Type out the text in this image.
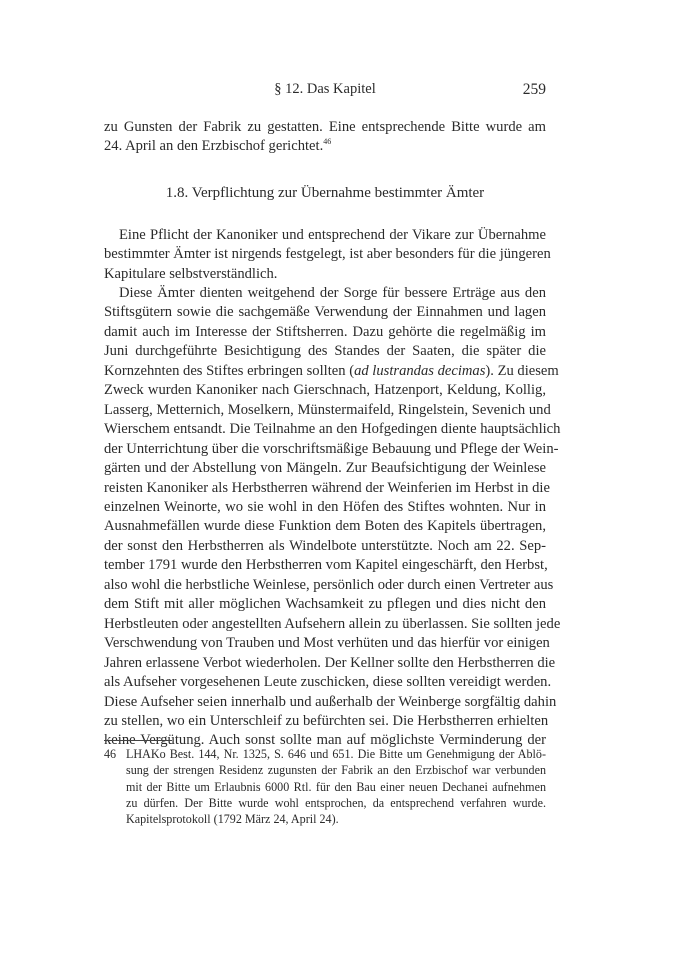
§ 12. Das Kapitel	259
zu Gunsten der Fabrik zu gestatten. Eine entsprechende Bitte wurde am
24. April an den Erzbischof gerichtet.$^{46}$
1.8. Verpflichtung zur Übernahme bestimmter Ämter
Eine Pflicht der Kanoniker und entsprechend der Vikare zur Übernahme
bestimmter Ämter ist nirgends festgelegt, ist aber besonders für die jüngeren
Kapitulare selbstverständlich.
Diese Ämter dienten weitgehend der Sorge für bessere Erträge aus den
Stiftsgütern sowie die sachgemäße Verwendung der Einnahmen und lagen
damit auch im Interesse der Stiftsherren. Dazu gehörte die regelmäßig im
Juni durchgeführte Besichtigung des Standes der Saaten, die später die
Kornzehnten des Stiftes erbringen sollten (ad lustrandas decimas). Zu diesem
Zweck wurden Kanoniker nach Gierschnach, Hatzenport, Keldung, Kollig,
Lasserg, Metternich, Moselkern, Münstermaifeld, Ringelstein, Sevenich und
Wierschem entsandt. Die Teilnahme an den Hofgedingen diente hauptsächlich
der Unterrichtung über die vorschriftsmäßige Bebauung und Pflege der Wein-
gärten und der Abstellung von Mängeln. Zur Beaufsichtigung der Weinlese
reisten Kanoniker als Herbstherren während der Weinferien im Herbst in die
einzelnen Weinorte, wo sie wohl in den Höfen des Stiftes wohnten. Nur in
Ausnahmefällen wurde diese Funktion dem Boten des Kapitels übertragen,
der sonst den Herbstherren als Windelbote unterstützte. Noch am 22. Sep-
tember 1791 wurde den Herbstherren vom Kapitel eingeschärft, den Herbst,
also wohl die herbstliche Weinlese, persönlich oder durch einen Vertreter aus
dem Stift mit aller möglichen Wachsamkeit zu pflegen und dies nicht den
Herbstleuten oder angestellten Aufsehern allein zu überlassen. Sie sollten jede
Verschwendung von Trauben und Most verhüten und das hierfür vor einigen
Jahren erlassene Verbot wiederholen. Der Kellner sollte den Herbstherren die
als Aufseher vorgesehenen Leute zuschicken, diese sollten vereidigt werden.
Diese Aufseher seien innerhalb und außerhalb der Weinberge sorgfältig dahin
zu stellen, wo ein Unterschleif zu befürchten sei. Die Herbstherren erhielten
keine Vergütung. Auch sonst sollte man auf möglichste Verminderung der
46 LHAKo Best. 144, Nr. 1325, S. 646 und 651. Die Bitte um Genehmigung der Ablö-
sung der strengen Residenz zugunsten der Fabrik an den Erzbischof war verbunden
mit der Bitte um Erlaubnis 6000 Rtl. für den Bau einer neuen Dechanei aufnehmen
zu dürfen. Der Bitte wurde wohl entsprochen, da entsprechend verfahren wurde.
Kapitelsprotokoll (1792 März 24, April 24).
